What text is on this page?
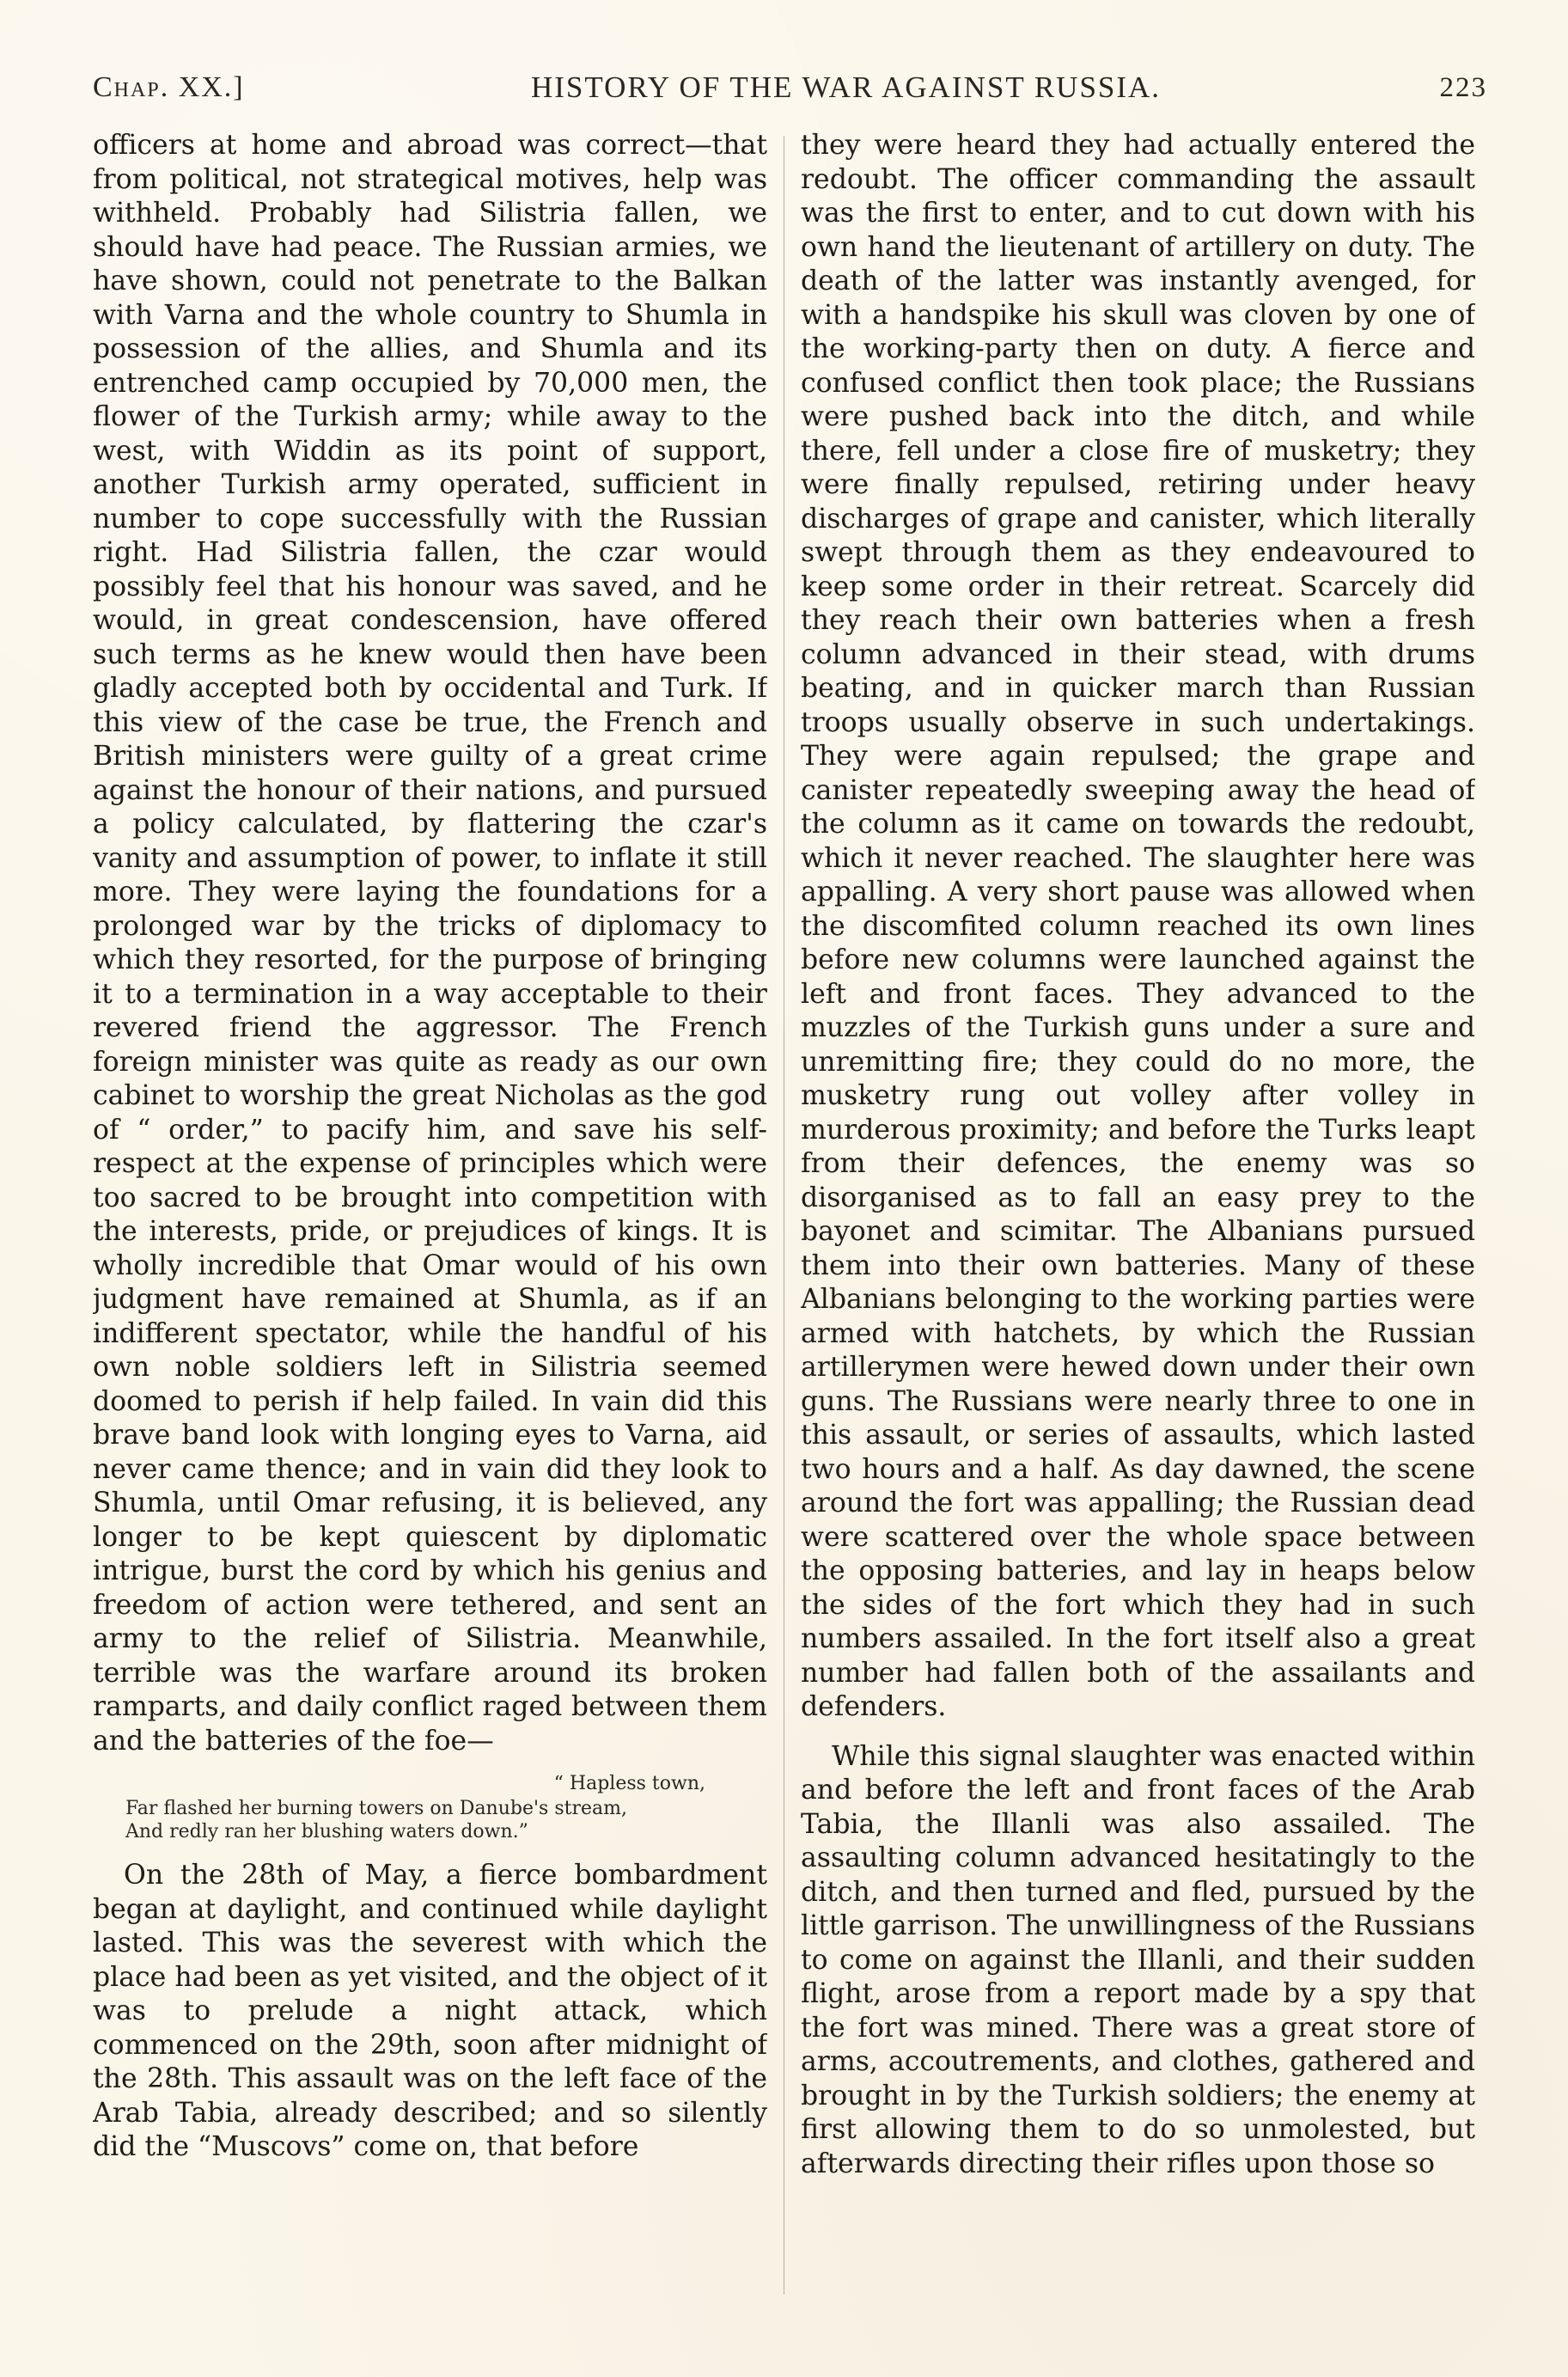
Chap. XX.]	HISTORY OF THE WAR AGAINST RUSSIA.	223

officers at home and abroad was correct—that from political, not strategical motives, help was withheld. Probably had Silistria fallen, we should have had peace. The Russian armies, we have shown, could not penetrate to the Balkan with Varna and the whole country to Shumla in possession of the allies, and Shumla and its entrenched camp occupied by 70,000 men, the flower of the Turkish army; while away to the west, with Widdin as its point of support, another Turkish army operated, sufficient in number to cope successfully with the Russian right. Had Silistria fallen, the czar would possibly feel that his honour was saved, and he would, in great condescension, have offered such terms as he knew would then have been gladly accepted both by occidental and Turk. If this view of the case be true, the French and British ministers were guilty of a great crime against the honour of their nations, and pursued a policy calculated, by flattering the czar's vanity and assumption of power, to inflate it still more. They were laying the foundations for a prolonged war by the tricks of diplomacy to which they resorted, for the purpose of bringing it to a termination in a way acceptable to their revered friend the aggressor. The French foreign minister was quite as ready as our own cabinet to worship the great Nicholas as the god of “ order,” to pacify him, and save his self-respect at the expense of principles which were too sacred to be brought into competition with the interests, pride, or prejudices of kings. It is wholly incredible that Omar would of his own judgment have remained at Shumla, as if an indifferent spectator, while the handful of his own noble soldiers left in Silistria seemed doomed to perish if help failed. In vain did this brave band look with longing eyes to Varna, aid never came thence; and in vain did they look to Shumla, until Omar refusing, it is believed, any longer to be kept quiescent by diplomatic intrigue, burst the cord by which his genius and freedom of action were tethered, and sent an army to the relief of Silistria. Meanwhile, terrible was the warfare around its broken ramparts, and daily conflict raged between them and the batteries of the foe—

“ Hapless town,
Far flashed her burning towers on Danube's stream,
And redly ran her blushing waters down.”

On the 28th of May, a fierce bombardment began at daylight, and continued while daylight lasted. This was the severest with which the place had been as yet visited, and the object of it was to prelude a night attack, which commenced on the 29th, soon after midnight of the 28th. This assault was on the left face of the Arab Tabia, already described; and so silently did the “Muscovs” come on, that before

they were heard they had actually entered the redoubt. The officer commanding the assault was the first to enter, and to cut down with his own hand the lieutenant of artillery on duty. The death of the latter was instantly avenged, for with a handspike his skull was cloven by one of the working-party then on duty. A fierce and confused conflict then took place; the Russians were pushed back into the ditch, and while there, fell under a close fire of musketry; they were finally repulsed, retiring under heavy discharges of grape and canister, which literally swept through them as they endeavoured to keep some order in their retreat. Scarcely did they reach their own batteries when a fresh column advanced in their stead, with drums beating, and in quicker march than Russian troops usually observe in such undertakings. They were again repulsed; the grape and canister repeatedly sweeping away the head of the column as it came on towards the redoubt, which it never reached. The slaughter here was appalling. A very short pause was allowed when the discomfited column reached its own lines before new columns were launched against the left and front faces. They advanced to the muzzles of the Turkish guns under a sure and unremitting fire; they could do no more, the musketry rung out volley after volley in murderous proximity; and before the Turks leapt from their defences, the enemy was so disorganised as to fall an easy prey to the bayonet and scimitar. The Albanians pursued them into their own batteries. Many of these Albanians belonging to the working parties were armed with hatchets, by which the Russian artillerymen were hewed down under their own guns. The Russians were nearly three to one in this assault, or series of assaults, which lasted two hours and a half. As day dawned, the scene around the fort was appalling; the Russian dead were scattered over the whole space between the opposing batteries, and lay in heaps below the sides of the fort which they had in such numbers assailed. In the fort itself also a great number had fallen both of the assailants and defenders.

While this signal slaughter was enacted within and before the left and front faces of the Arab Tabia, the Illanli was also assailed. The assaulting column advanced hesitatingly to the ditch, and then turned and fled, pursued by the little garrison. The unwillingness of the Russians to come on against the Illanli, and their sudden flight, arose from a report made by a spy that the fort was mined. There was a great store of arms, accoutrements, and clothes, gathered and brought in by the Turkish soldiers; the enemy at first allowing them to do so unmolested, but afterwards directing their rifles upon those so
